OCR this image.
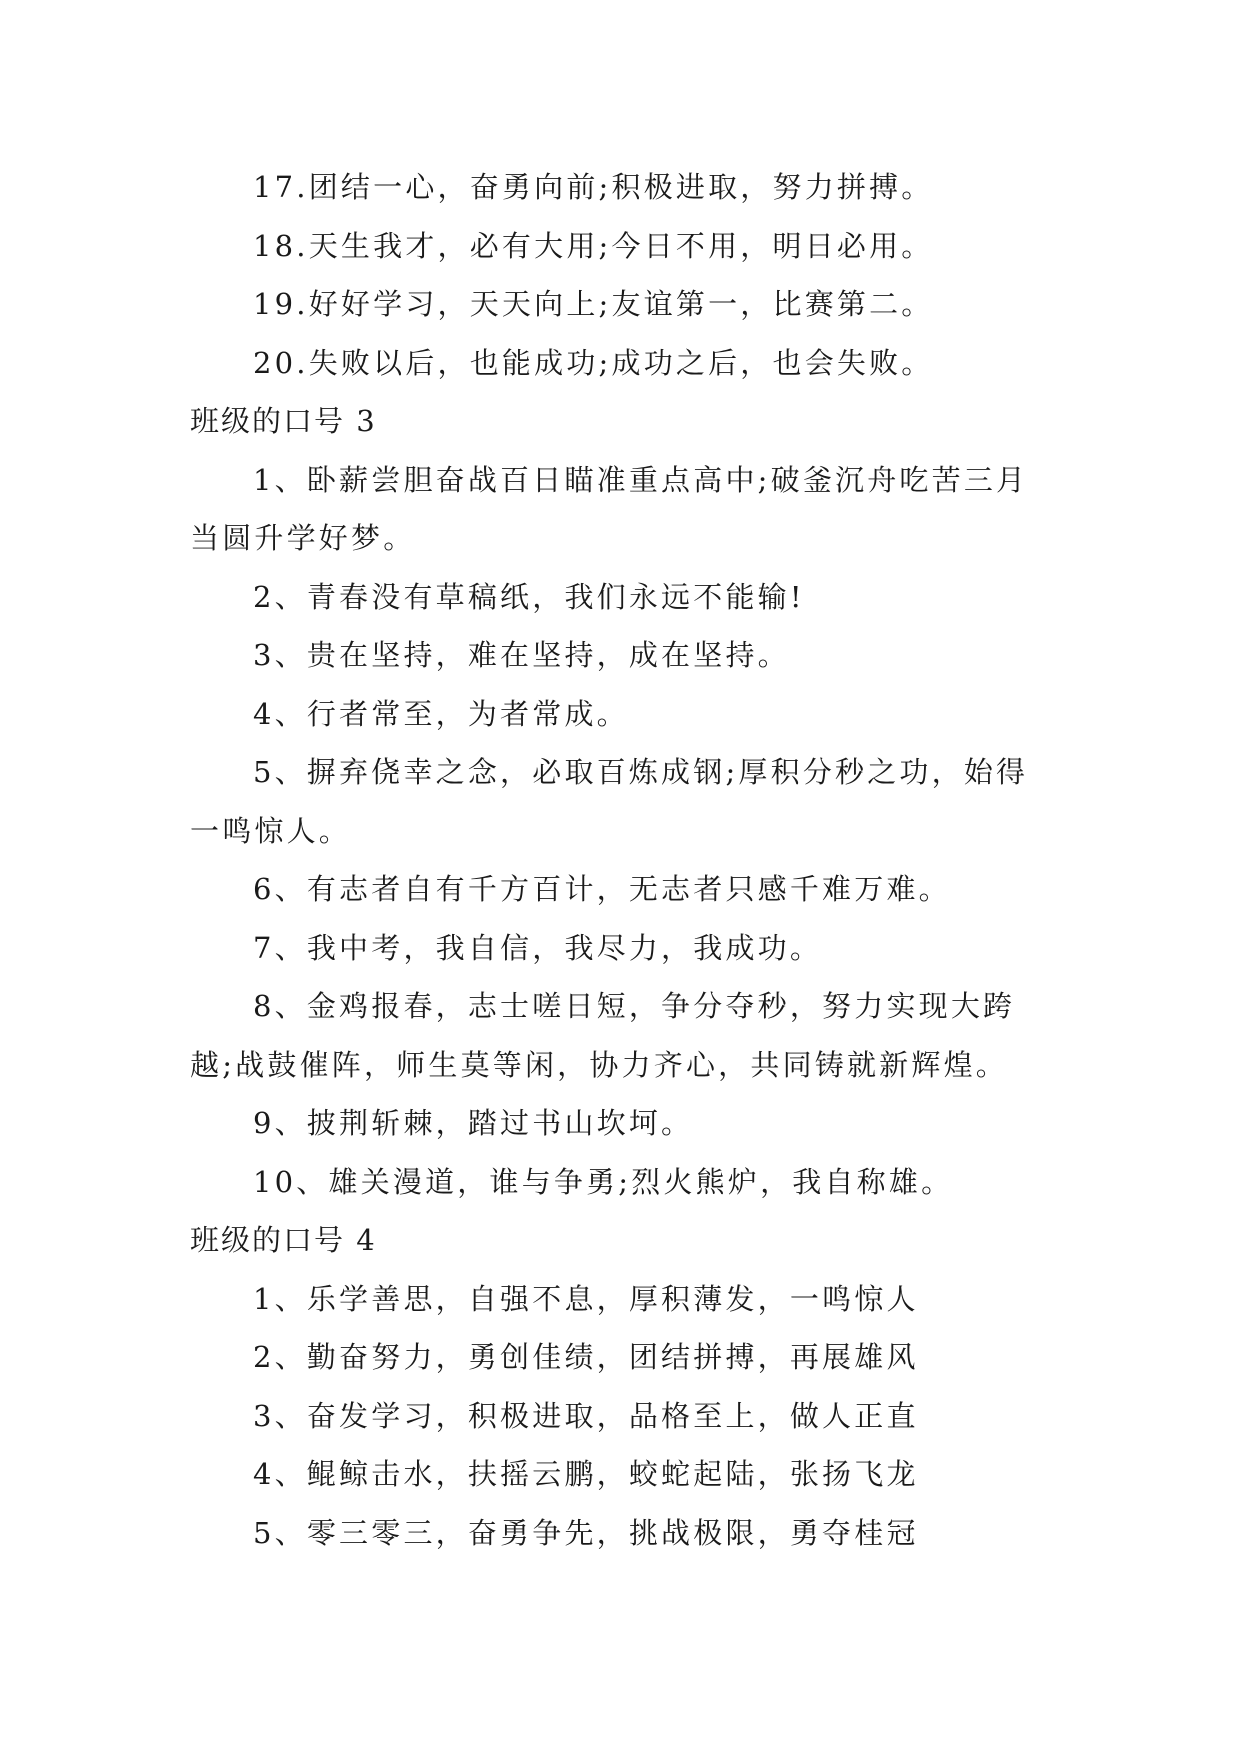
17.团结一心，奋勇向前;积极进取，努力拼搏。

18.天生我才，必有大用;今日不用，明日必用。

19.好好学习，天天向上;友谊第一，比赛第二。

20.失败以后，也能成功;成功之后，也会失败。

班级的口号 3

1、卧薪尝胆奋战百日瞄准重点高中;破釜沉舟吃苦三月

当圆升学好梦。

2、青春没有草稿纸，我们永远不能输!

3、贵在坚持，难在坚持，成在坚持。

4、行者常至，为者常成。

5、摒弃侥幸之念，必取百炼成钢;厚积分秒之功，始得

一鸣惊人。

6、有志者自有千方百计，无志者只感千难万难。

7、我中考，我自信，我尽力，我成功。

8、金鸡报春，志士嗟日短，争分夺秒，努力实现大跨

越;战鼓催阵，师生莫等闲，协力齐心，共同铸就新辉煌。

9、披荆斩棘，踏过书山坎坷。

10、雄关漫道，谁与争勇;烈火熊炉，我自称雄。

班级的口号 4

1、乐学善思，自强不息，厚积薄发，一鸣惊人

2、勤奋努力，勇创佳绩，团结拼搏，再展雄风

3、奋发学习，积极进取，品格至上，做人正直

4、鲲鲸击水，扶摇云鹏，蛟蛇起陆，张扬飞龙

5、零三零三，奋勇争先，挑战极限，勇夺桂冠
